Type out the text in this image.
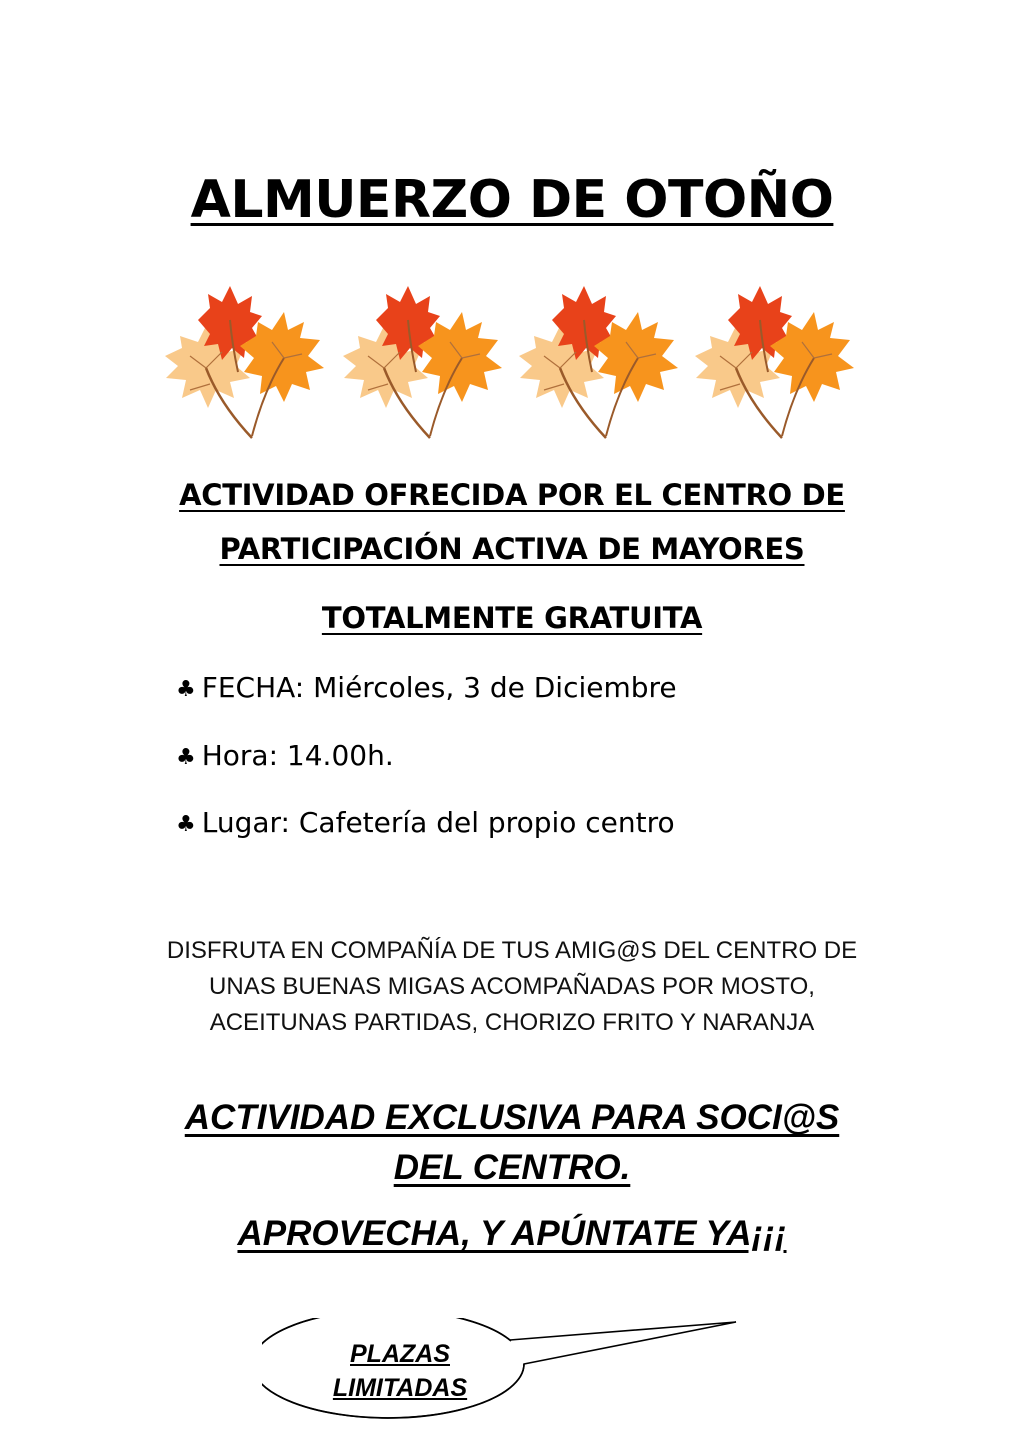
ALMUERZO DE OTOÑO
ACTIVIDAD OFRECIDA POR EL CENTRO DE
PARTICIPACIÓN ACTIVA DE MAYORES
TOTALMENTE GRATUITA
♣ FECHA: Miércoles, 3 de Diciembre
♣ Hora: 14.00h.
♣ Lugar: Cafetería del propio centro
DISFRUTA EN COMPAÑÍA DE TUS AMIG@S DEL CENTRO DE UNAS BUENAS MIGAS ACOMPAÑADAS POR MOSTO, ACEITUNAS PARTIDAS, CHORIZO FRITO Y NARANJA
ACTIVIDAD EXCLUSIVA PARA SOCI@S
DEL CENTRO.
APROVECHA, Y APÚNTATE YA¡¡¡
PLAZAS
LIMITADAS
